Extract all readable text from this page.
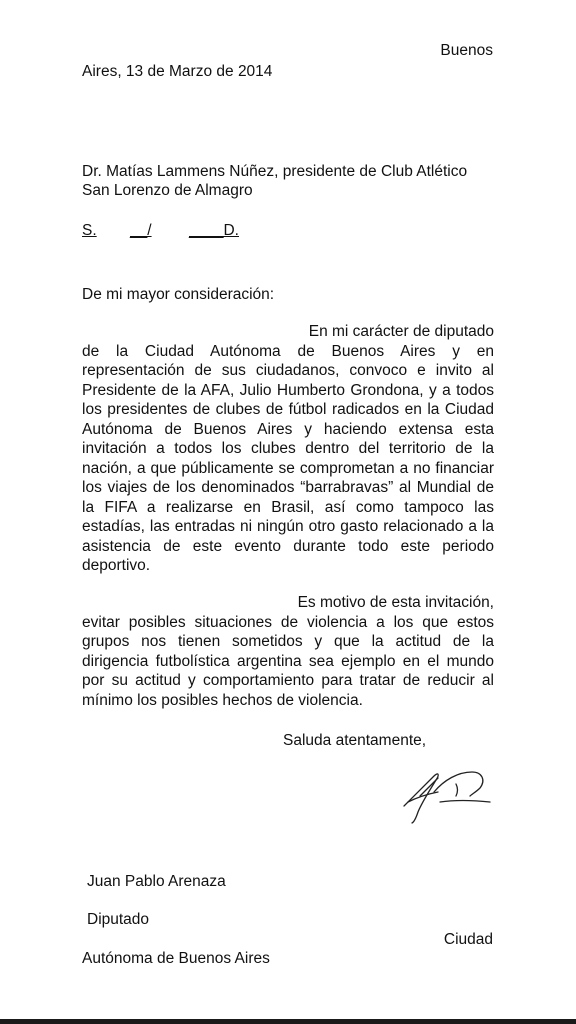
Buenos
Aires, 13 de Marzo de 2014
Dr. Matías Lammens Núñez, presidente de Club Atlético
San Lorenzo de Almagro
S. __/ ____D.
De mi mayor consideración:
En mi carácter de diputado
de la Ciudad Autónoma de Buenos Aires y en representación de sus ciudadanos, convoco e invito al Presidente de la AFA, Julio Humberto Grondona, y a todos los presidentes de clubes de fútbol radicados en la Ciudad Autónoma de Buenos Aires y haciendo extensa esta invitación a todos los clubes dentro del territorio de la nación, a que públicamente se comprometan a no financiar los viajes de los denominados “barrabravas” al Mundial de la FIFA a realizarse en Brasil, así como tampoco las estadías, las entradas ni ningún otro gasto relacionado a la asistencia de este evento durante todo este periodo deportivo.
Es motivo de esta invitación,
evitar posibles situaciones de violencia a los que estos grupos nos tienen sometidos y que la actitud de la dirigencia futbolística argentina sea ejemplo en el mundo por su actitud y comportamiento para tratar de reducir al mínimo los posibles hechos de violencia.
Saluda atentamente,
Juan Pablo Arenaza
Diputado
Ciudad
Autónoma de Buenos Aires
